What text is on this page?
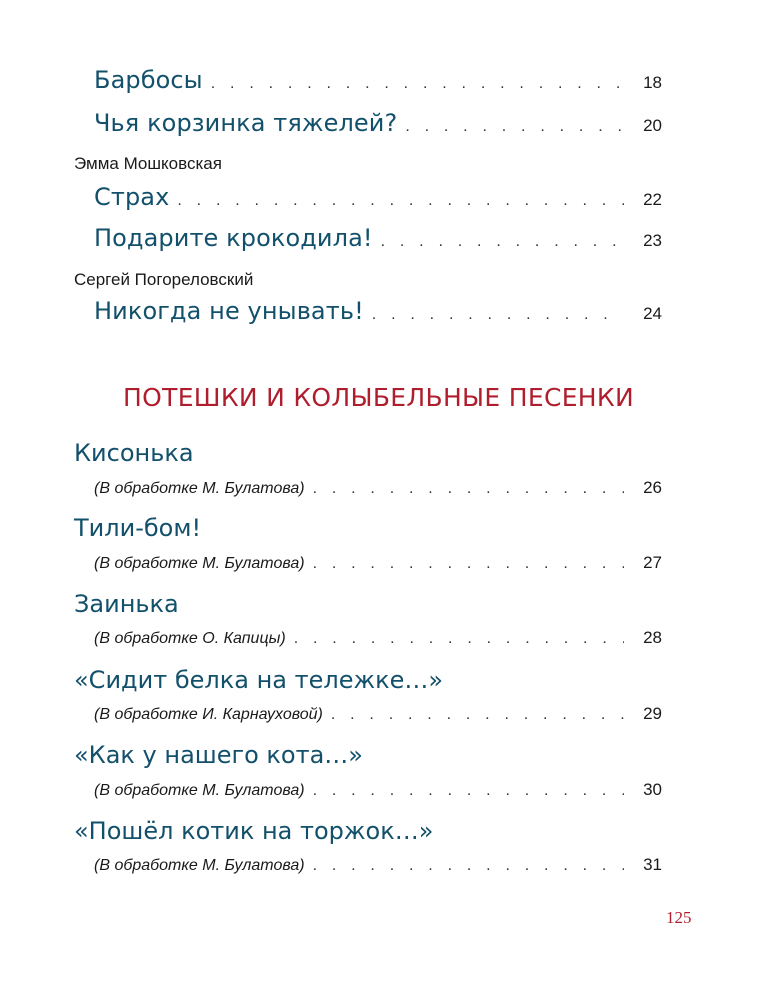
Барбосы . . .	18
Чья корзинка тяжелей? . . .	20
Эмма Мошковская
Страх . . .	22
Подарите крокодила! . . .	23
Сергей Погореловский
Никогда не унывать! . . .	24
ПОТЕШКИ И КОЛЫБЕЛЬНЫЕ ПЕСЕНКИ
Кисонька
(В обработке М. Булатова) . . .	26
Тили-бом!
(В обработке М. Булатова) . . .	27
Заинька
(В обработке О. Капицы) . . .	28
«Сидит белка на тележке…»
(В обработке И. Карнауховой) . . .	29
«Как у нашего кота…»
(В обработке М. Булатова) . . .	30
«Пошёл котик на торжок…»
(В обработке М. Булатова) . . .	31
125
